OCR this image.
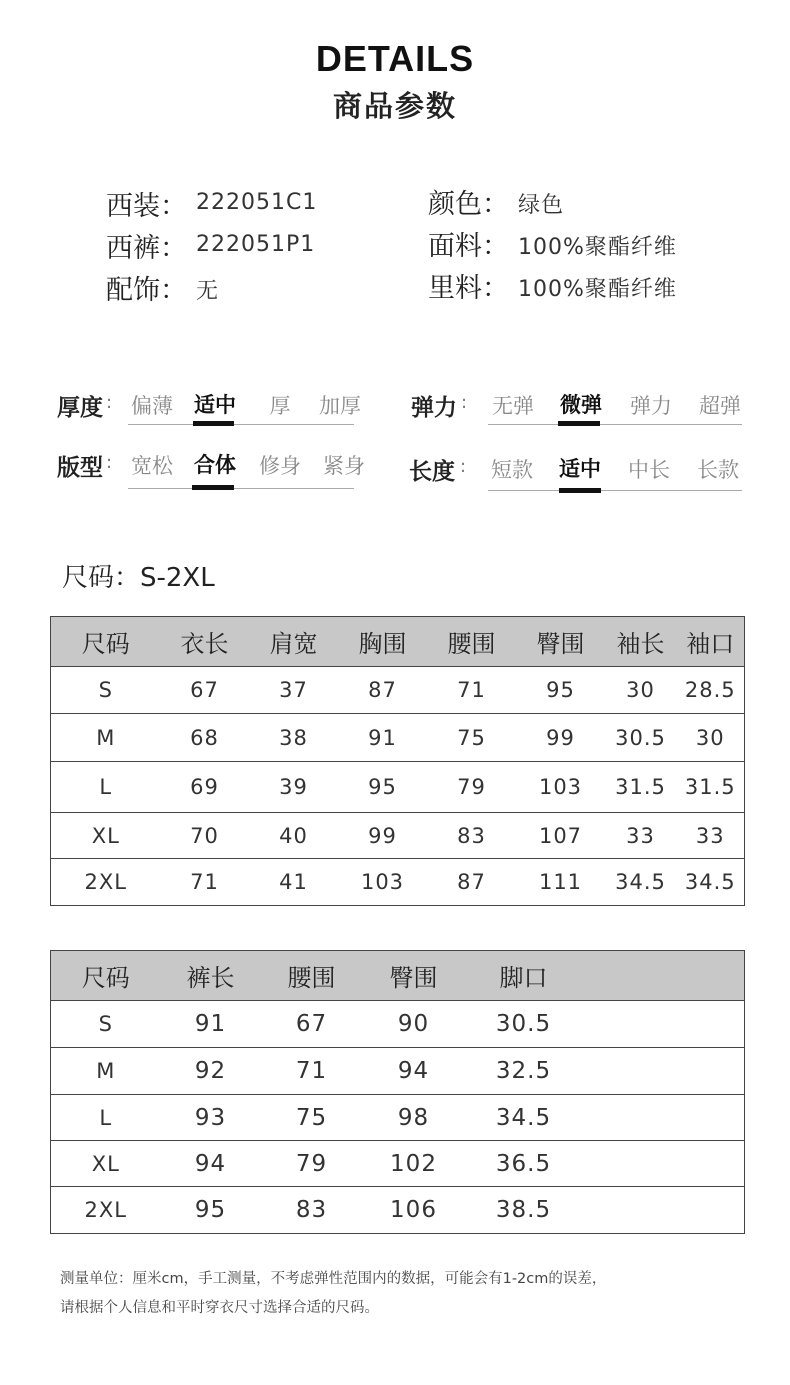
DETAILS
商品参数
西装： 222051C1
西裤： 222051P1
配饰： 无
颜色： 绿色
面料： 100%聚酯纤维
里料： 100%聚酯纤维
厚度 : 偏薄	适中	厚	加厚	弹力 :	无弹	微弹	弹力	超弹
版型 : 宽松	合体	修身	紧身	长度 :	短款	适中	中长	长款
尺码：S-2XL
尺码	衣长	肩宽	胸围	腰围	臀围	袖长	袖口
S	67	37	87	71	95	30	28.5
M	68	38	91	75	99	30.5	30
L	69	39	95	79	103	31.5	31.5
XL	70	40	99	83	107	33	33
2XL	71	41	103	87	111	34.5	34.5
尺码	裤长	腰围	臀围	脚口	
S	91	67	90	30.5	
M	92	71	94	32.5	
L	93	75	98	34.5	
XL	94	79	102	36.5	
2XL	95	83	106	38.5	
测量单位：厘米cm，手工测量，不考虑弹性范围内的数据，可能会有1-2cm的误差，
请根据个人信息和平时穿衣尺寸选择合适的尺码。
